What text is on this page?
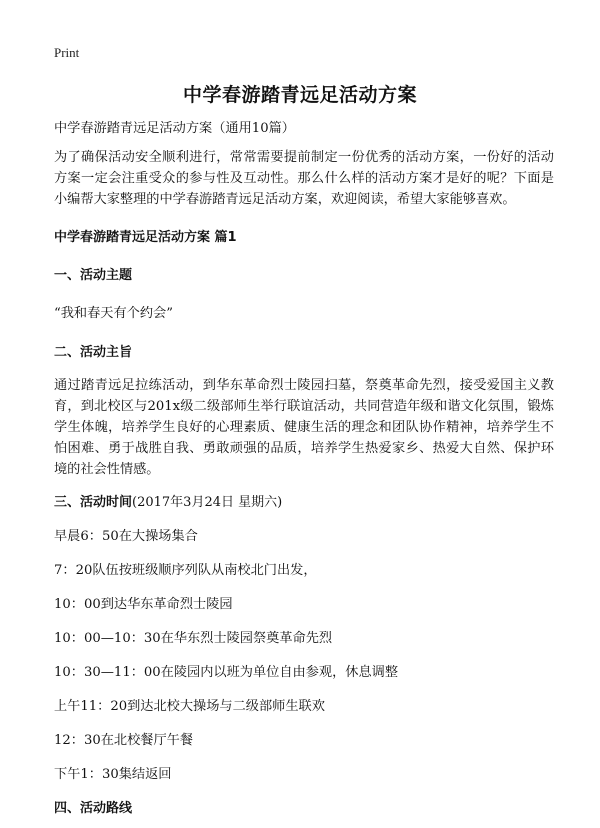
Print
中学春游踏青远足活动方案

中学春游踏青远足活动方案（通用10篇）

为了确保活动安全顺利进行，常常需要提前制定一份优秀的活动方案，一份好的活动方案一定会注重受众的参与性及互动性。那么什么样的活动方案才是好的呢？下面是小编帮大家整理的中学春游踏青远足活动方案，欢迎阅读，希望大家能够喜欢。

中学春游踏青远足活动方案 篇1

一、活动主题

“我和春天有个约会”

二、活动主旨

通过踏青远足拉练活动，到华东革命烈士陵园扫墓，祭奠革命先烈，接受爱国主义教育，到北校区与201x级二级部师生举行联谊活动，共同营造年级和谐文化氛围，锻炼学生体魄，培养学生良好的心理素质、健康生活的理念和团队协作精神，培养学生不怕困难、勇于战胜自我、勇敢顽强的品质，培养学生热爱家乡、热爱大自然、保护环境的社会性情感。

三、活动时间(2017年3月24日 星期六)

早晨6：50在大操场集合

7：20队伍按班级顺序列队从南校北门出发，

10：00到达华东革命烈士陵园

10：00—10：30在华东烈士陵园祭奠革命先烈

10：30—11：00在陵园内以班为单位自由参观，休息调整

上午11：20到达北校大操场与二级部师生联欢

12：30在北校餐厅午餐

下午1：30集结返回

四、活动路线
